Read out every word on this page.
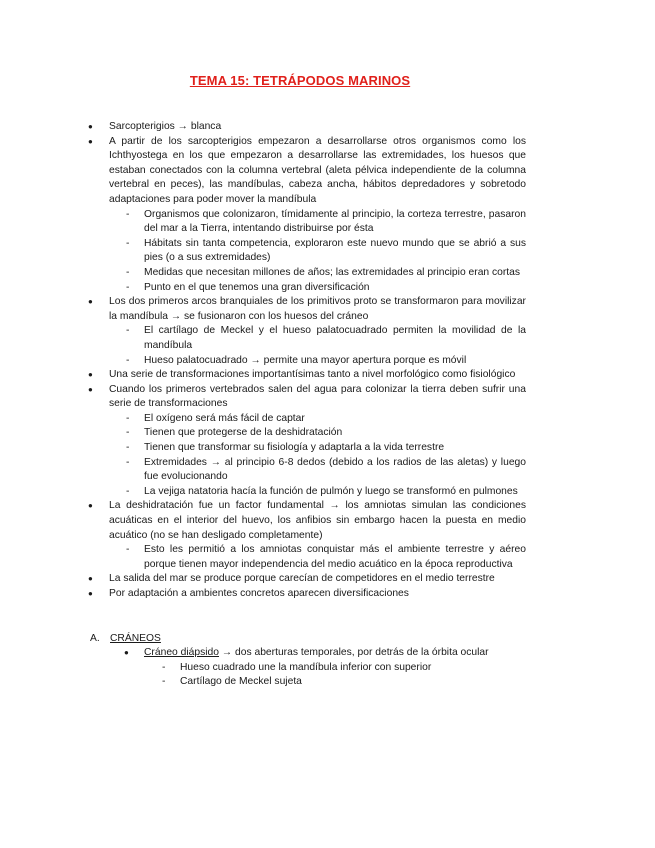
TEMA 15: TETRÁPODOS MARINOS
● Sarcopterigios → blanca
● A partir de los sarcopterigios empezaron a desarrollarse otros organismos como los Ichthyostega en los que empezaron a desarrollarse las extremidades, los huesos que estaban conectados con la columna vertebral (aleta pélvica independiente de la columna vertebral en peces), las mandíbulas, cabeza ancha, hábitos depredadores y sobretodo adaptaciones para poder mover la mandíbula
- Organismos que colonizaron, tímidamente al principio, la corteza terrestre, pasaron del mar a la Tierra, intentando distribuirse por ésta
- Hábitats sin tanta competencia, exploraron este nuevo mundo que se abrió a sus pies (o a sus extremidades)
- Medidas que necesitan millones de años; las extremidades al principio eran cortas
- Punto en el que tenemos una gran diversificación
● Los dos primeros arcos branquiales de los primitivos proto se transformaron para movilizar la mandíbula → se fusionaron con los huesos del cráneo
- El cartílago de Meckel y el hueso palatocuadrado permiten la movilidad de la mandíbula
- Hueso palatocuadrado → permite una mayor apertura porque es móvil
● Una serie de transformaciones importantísimas tanto a nivel morfológico como fisiológico
● Cuando los primeros vertebrados salen del agua para colonizar la tierra deben sufrir una serie de transformaciones
- El oxígeno será más fácil de captar
- Tienen que protegerse de la deshidratación
- Tienen que transformar su fisiología y adaptarla a la vida terrestre
- Extremidades → al principio 6-8 dedos (debido a los radios de las aletas) y luego fue evolucionando
- La vejiga natatoria hacía la función de pulmón y luego se transformó en pulmones
● La deshidratación fue un factor fundamental → los amniotas simulan las condiciones acuáticas en el interior del huevo, los anfibios sin embargo hacen la puesta en medio acuático (no se han desligado completamente)
- Esto les permitió a los amniotas conquistar más el ambiente terrestre y aéreo porque tienen mayor independencia del medio acuático en la época reproductiva
● La salida del mar se produce porque carecían de competidores en el medio terrestre
● Por adaptación a ambientes concretos aparecen diversificaciones
A. CRÁNEOS
● Cráneo diápsido → dos aberturas temporales, por detrás de la órbita ocular
- Hueso cuadrado une la mandíbula inferior con superior
- Cartílago de Meckel sujeta
